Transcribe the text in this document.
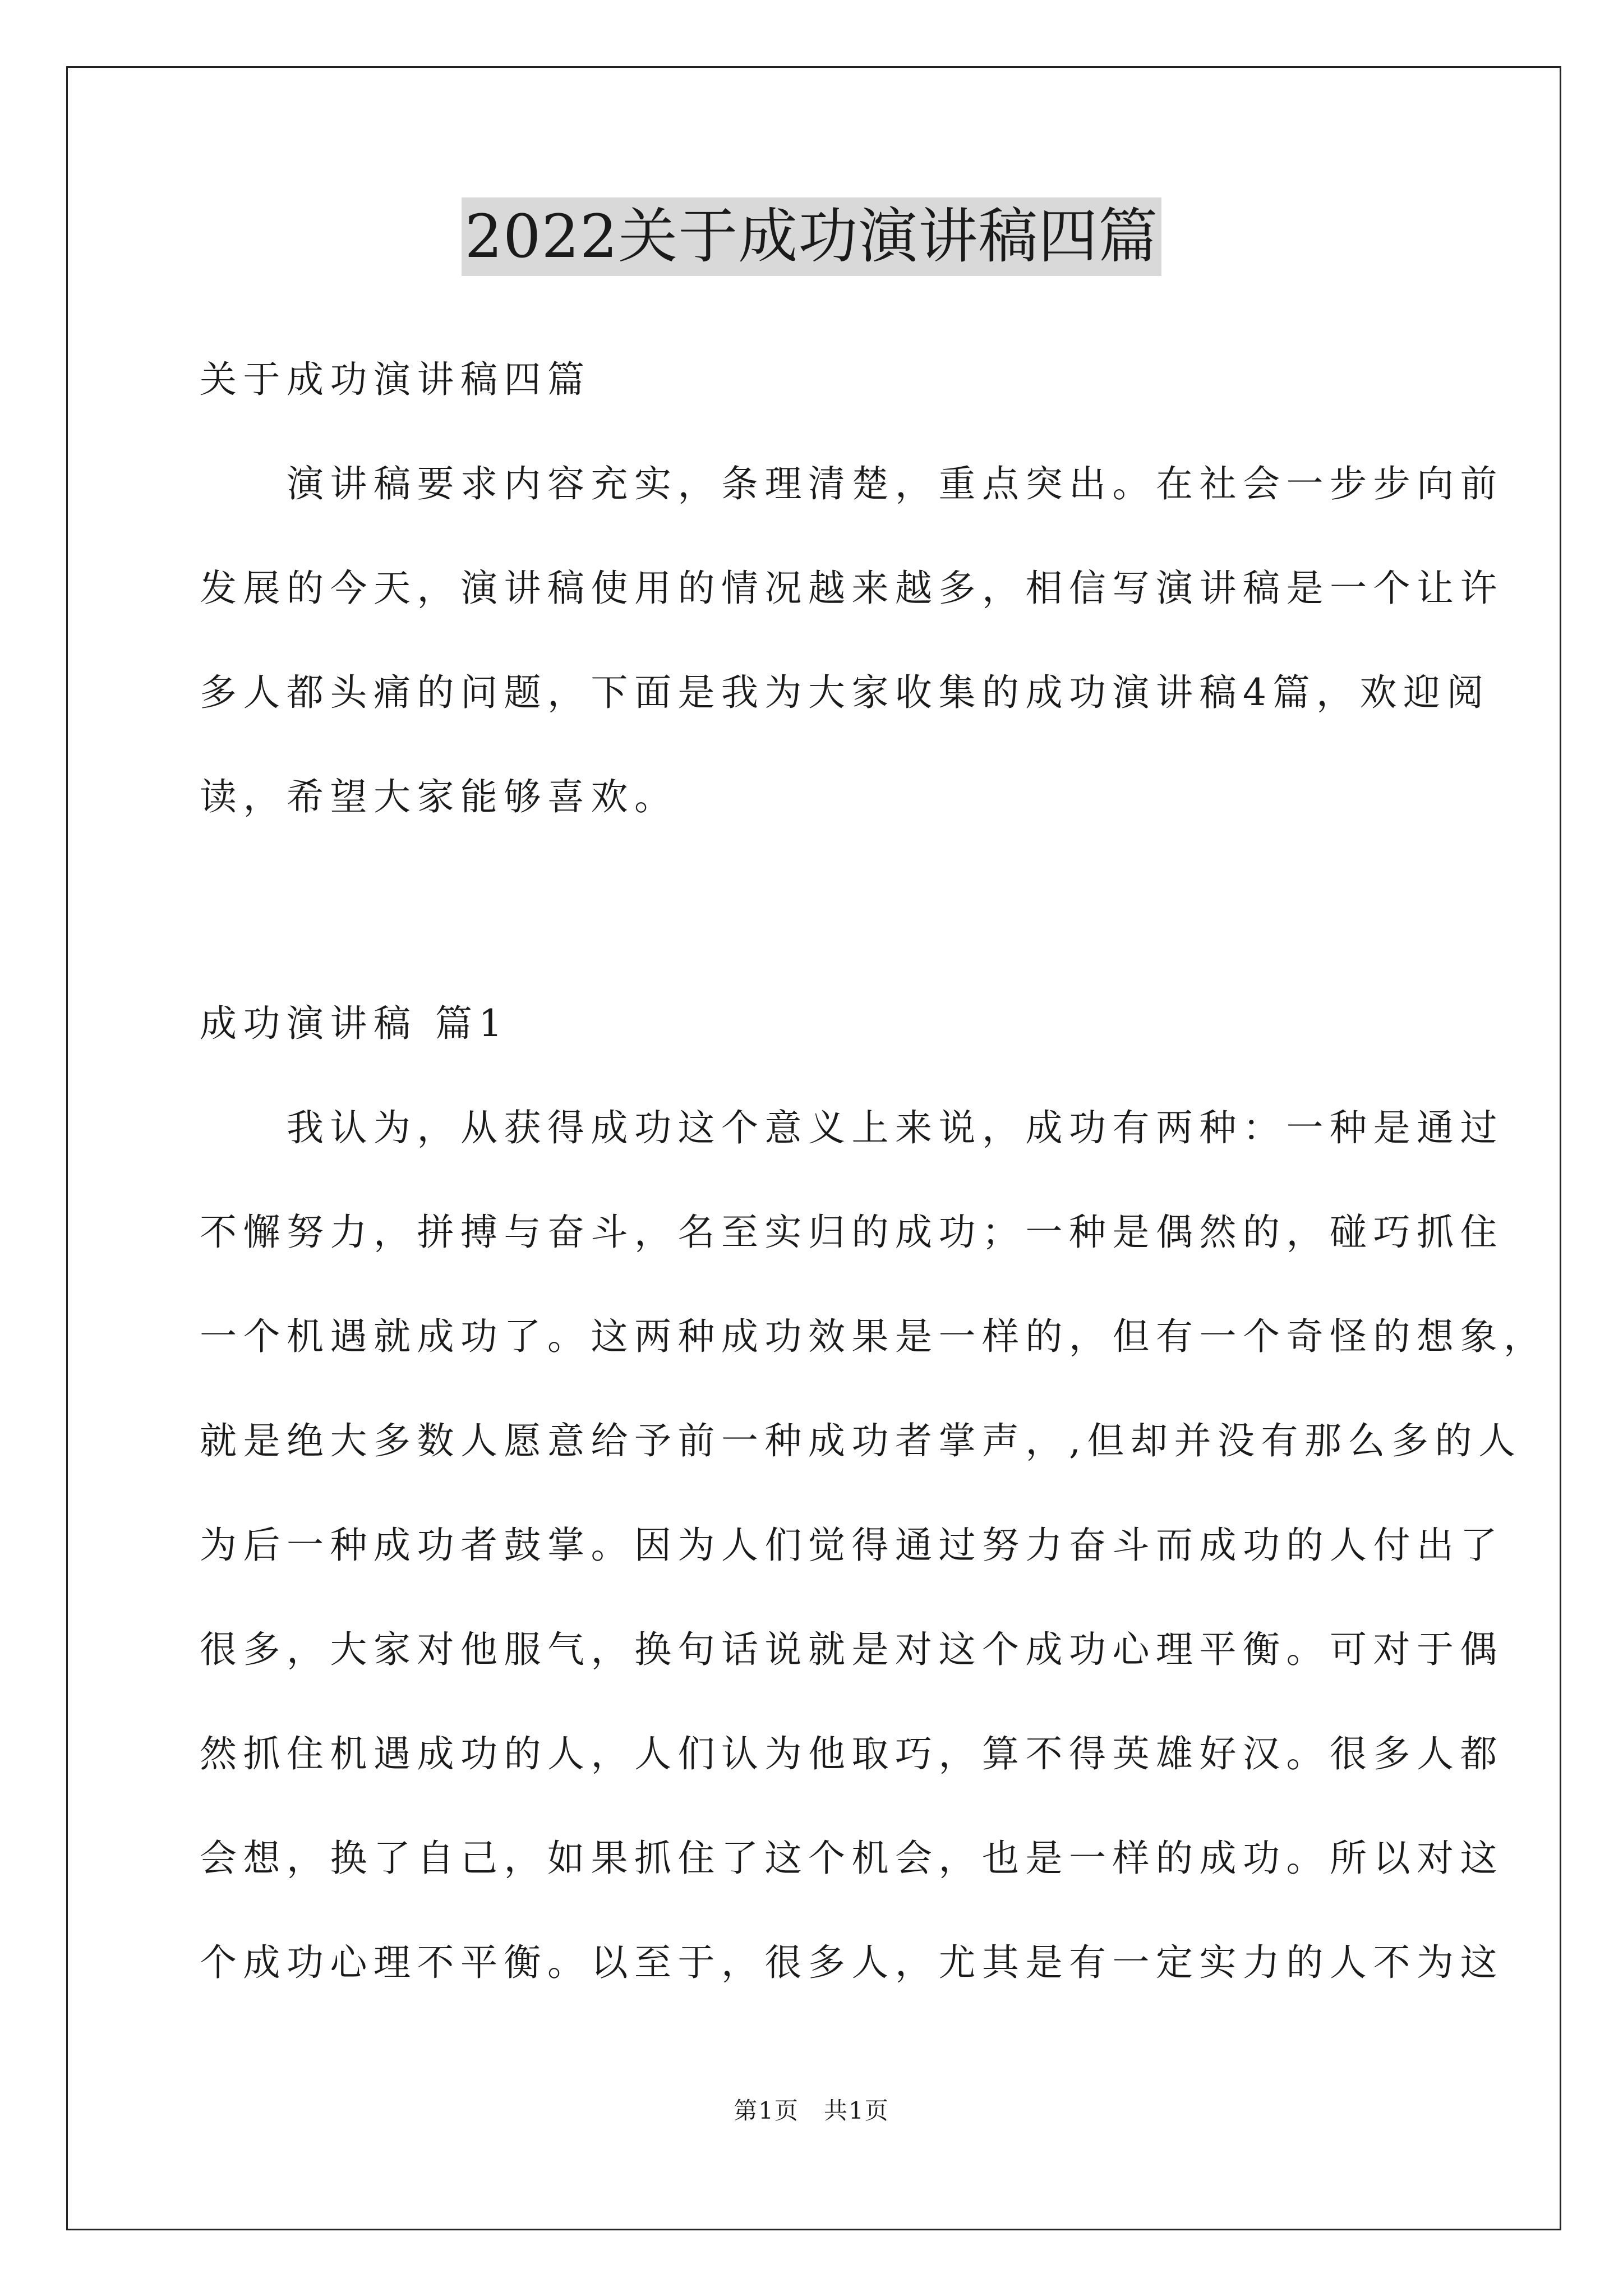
2022关于成功演讲稿四篇
关于成功演讲稿四篇
　　演讲稿要求内容充实，条理清楚，重点突出。在社会一步步向前
发展的今天，演讲稿使用的情况越来越多，相信写演讲稿是一个让许
多人都头痛的问题，下面是我为大家收集的成功演讲稿4篇，欢迎阅
读，希望大家能够喜欢。
成功演讲稿 篇1
　　我认为，从获得成功这个意义上来说，成功有两种：一种是通过
不懈努力，拼搏与奋斗，名至实归的成功；一种是偶然的，碰巧抓住
一个机遇就成功了。这两种成功效果是一样的，但有一个奇怪的想象，
就是绝大多数人愿意给予前一种成功者掌声，,但却并没有那么多的人
为后一种成功者鼓掌。因为人们觉得通过努力奋斗而成功的人付出了
很多，大家对他服气，换句话说就是对这个成功心理平衡。可对于偶
然抓住机遇成功的人，人们认为他取巧，算不得英雄好汉。很多人都
会想，换了自己，如果抓住了这个机会，也是一样的成功。所以对这
个成功心理不平衡。以至于，很多人，尤其是有一定实力的人不为这
第1页　共1页
